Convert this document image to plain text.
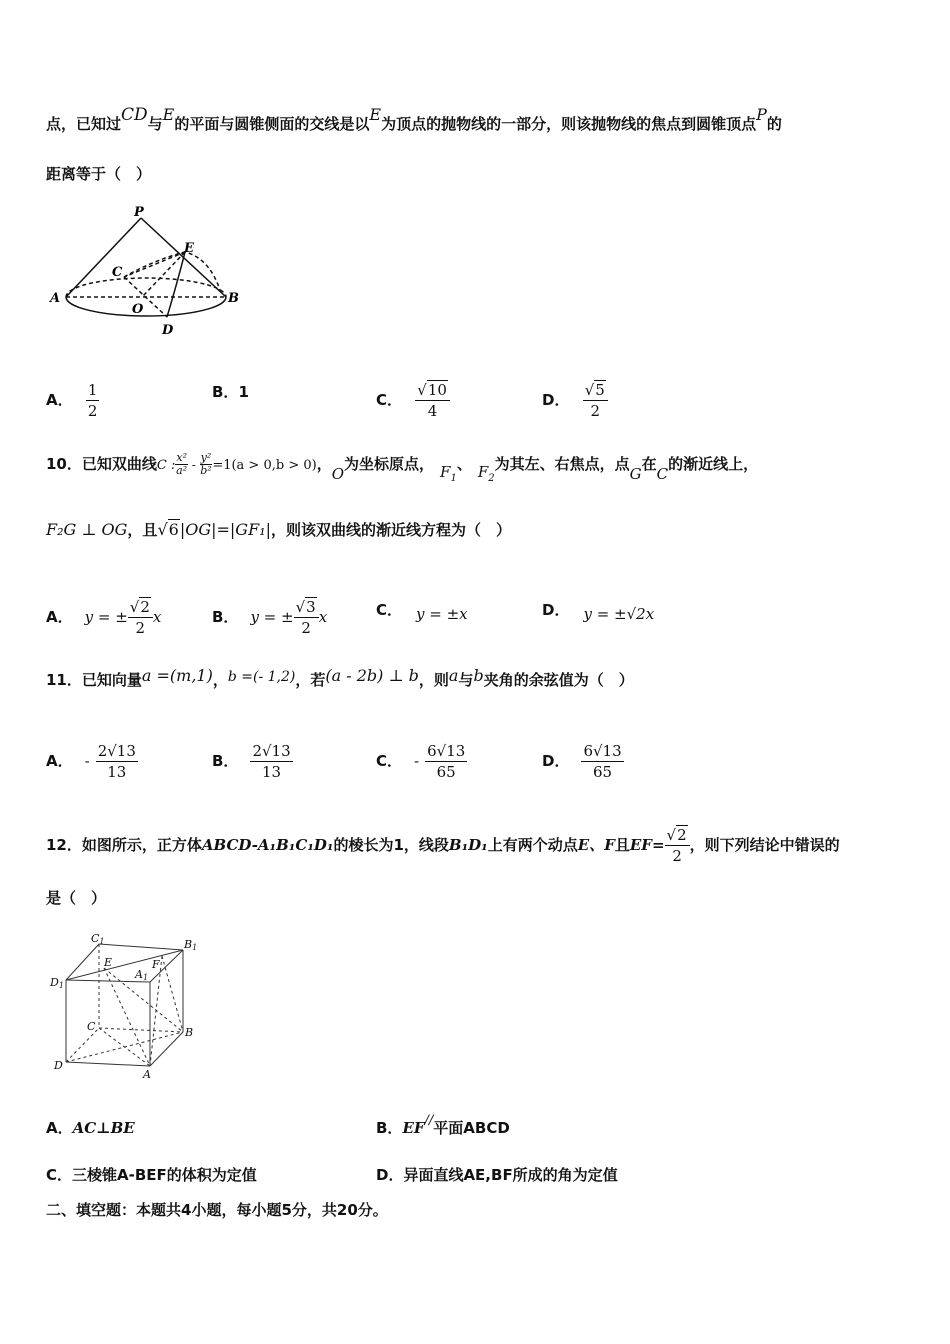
点，已知过CD与E的平面与圆锥侧面的交线是以E为顶点的抛物线的一部分，则该抛物线的焦点到圆锥顶点P的
距离等于（　）
P
E
C
A	B
O
D
A． $\frac{1}{2}$	B．1	C． $\frac{√10}{4}$	D． $\frac{√5}{2}$
10．已知双曲线C : $\frac{\text{x²}}{\text{a²}} - \frac{\text{y²}}{\text{b²}} =1(a > 0,b > 0)$，O为坐标原点， $F_1$、 $F_2$为其左、右焦点，点G在C的渐近线上，
F₂G ⊥ OG，且√6|OG|=|GF₁|，则该双曲线的渐近线方程为（　）
A． y = ± $\frac{√2}{2}$ x	B． y = ± $\frac{√3}{2}$ x	C． y = ±x	D． y = ±√2x
11．已知向量a =(m,1)，b =(- 1,2)，若(a - 2b) ⊥ b，则a与b夹角的余弦值为（　）
A． - $\frac{2√13}{13}$	B． $\frac{2√13}{13}$	C． - $\frac{6√13}{65}$	D． $\frac{6√13}{65}$
12．如图所示，正方体ABCD-A₁B₁C₁D₁的棱长为1，线段B₁D₁上有两个动点E、F且$EF= \frac{√2}{2}$ ，则下列结论中错误的
是（　）
C1	B1
D1
E
A1
F
C	B
D
A
A．AC⊥BE	B．EF//平面ABCD
C．三棱锥A-BEF的体积为定值	D．异面直线AE,BF所成的角为定值
二、填空题：本题共4小题，每小题5分，共20分。
